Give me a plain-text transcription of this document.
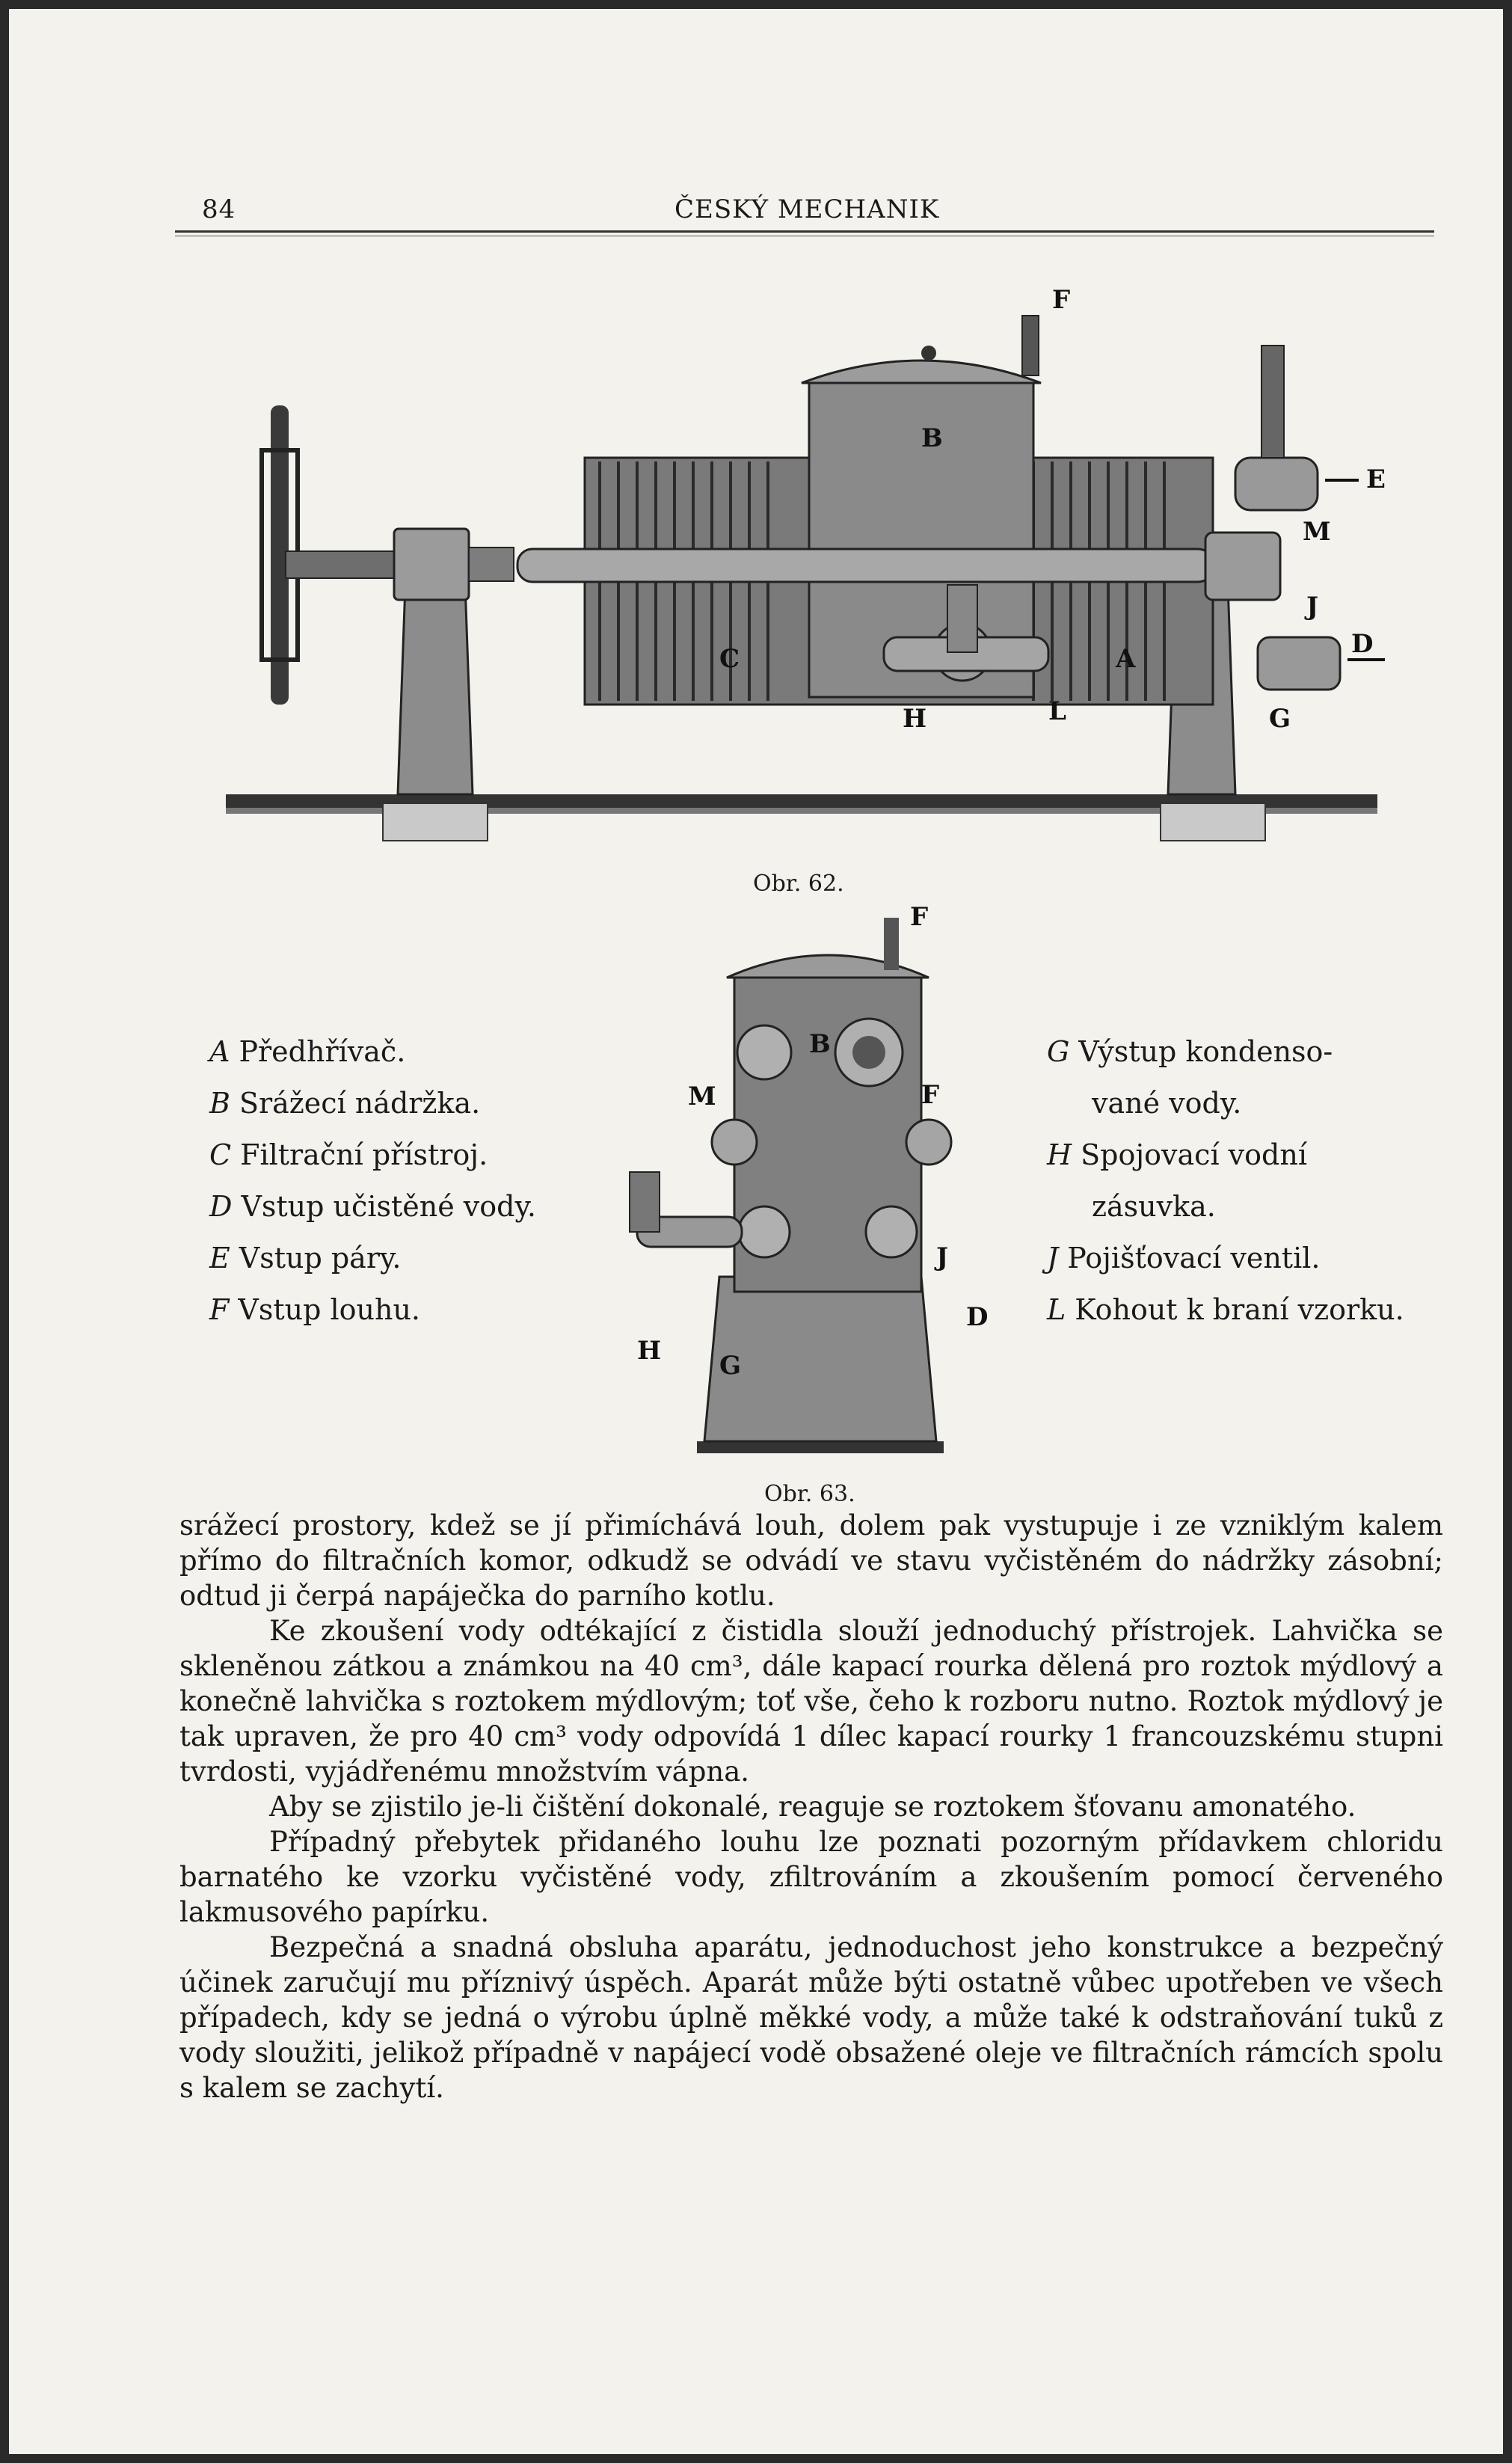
84	ČESKÝ MECHANIK
F
B
E
M
J
D
G
H	L
A
C
Obr. 62.
F
B
M	F
J
D
H G
Obr. 63.
A Předhřívač.
B Srážecí nádržka.
C Filtrační přístroj.
D Vstup učistěné vody.
E Vstup páry.
F Vstup louhu.
G Výstup kondenso-
vané vody.
H Spojovací vodní
zásuvka.
J Pojišťovací ventil.
L Kohout k braní vzorku.

srážecí prostory, kdež se jí přimíchává louh, dolem pak vystupuje i ze vzniklým kalem přímo do filtračních komor, odkudž se odvádí ve stavu vyčistěném do nádržky zásobní; odtud ji čerpá napáječka do parního kotlu.

Ke zkoušení vody odtékající z čistidla slouží jednoduchý přístrojek. Lahvička se skleněnou zátkou a známkou na 40 cm³, dále kapací rourka dělená pro roztok mýdlový a konečně lahvička s roztokem mýdlovým; toť vše, čeho k rozboru nutno. Roztok mýdlový je tak upraven, že pro 40 cm³ vody odpovídá 1 dílec kapací rourky 1 francouzskému stupni tvrdosti, vyjádřenému množstvím vápna.

Aby se zjistilo je-li čištění dokonalé, reaguje se roztokem šťovanu amonatého.

Případný přebytek přidaného louhu lze poznati pozorným přídavkem chloridu barnatého ke vzorku vyčistěné vody, zfiltrováním a zkoušením pomocí červeného lakmusového papírku.

Bezpečná a snadná obsluha aparátu, jednoduchost jeho konstrukce a bezpečný účinek zaručují mu příznivý úspěch. Aparát může býti ostatně vůbec upotřeben ve všech případech, kdy se jedná o výrobu úplně měkké vody, a může také k odstraňování tuků z vody sloužiti, jelikož případně v napájecí vodě obsažené oleje ve filtračních rámcích spolu s kalem se zachytí.
